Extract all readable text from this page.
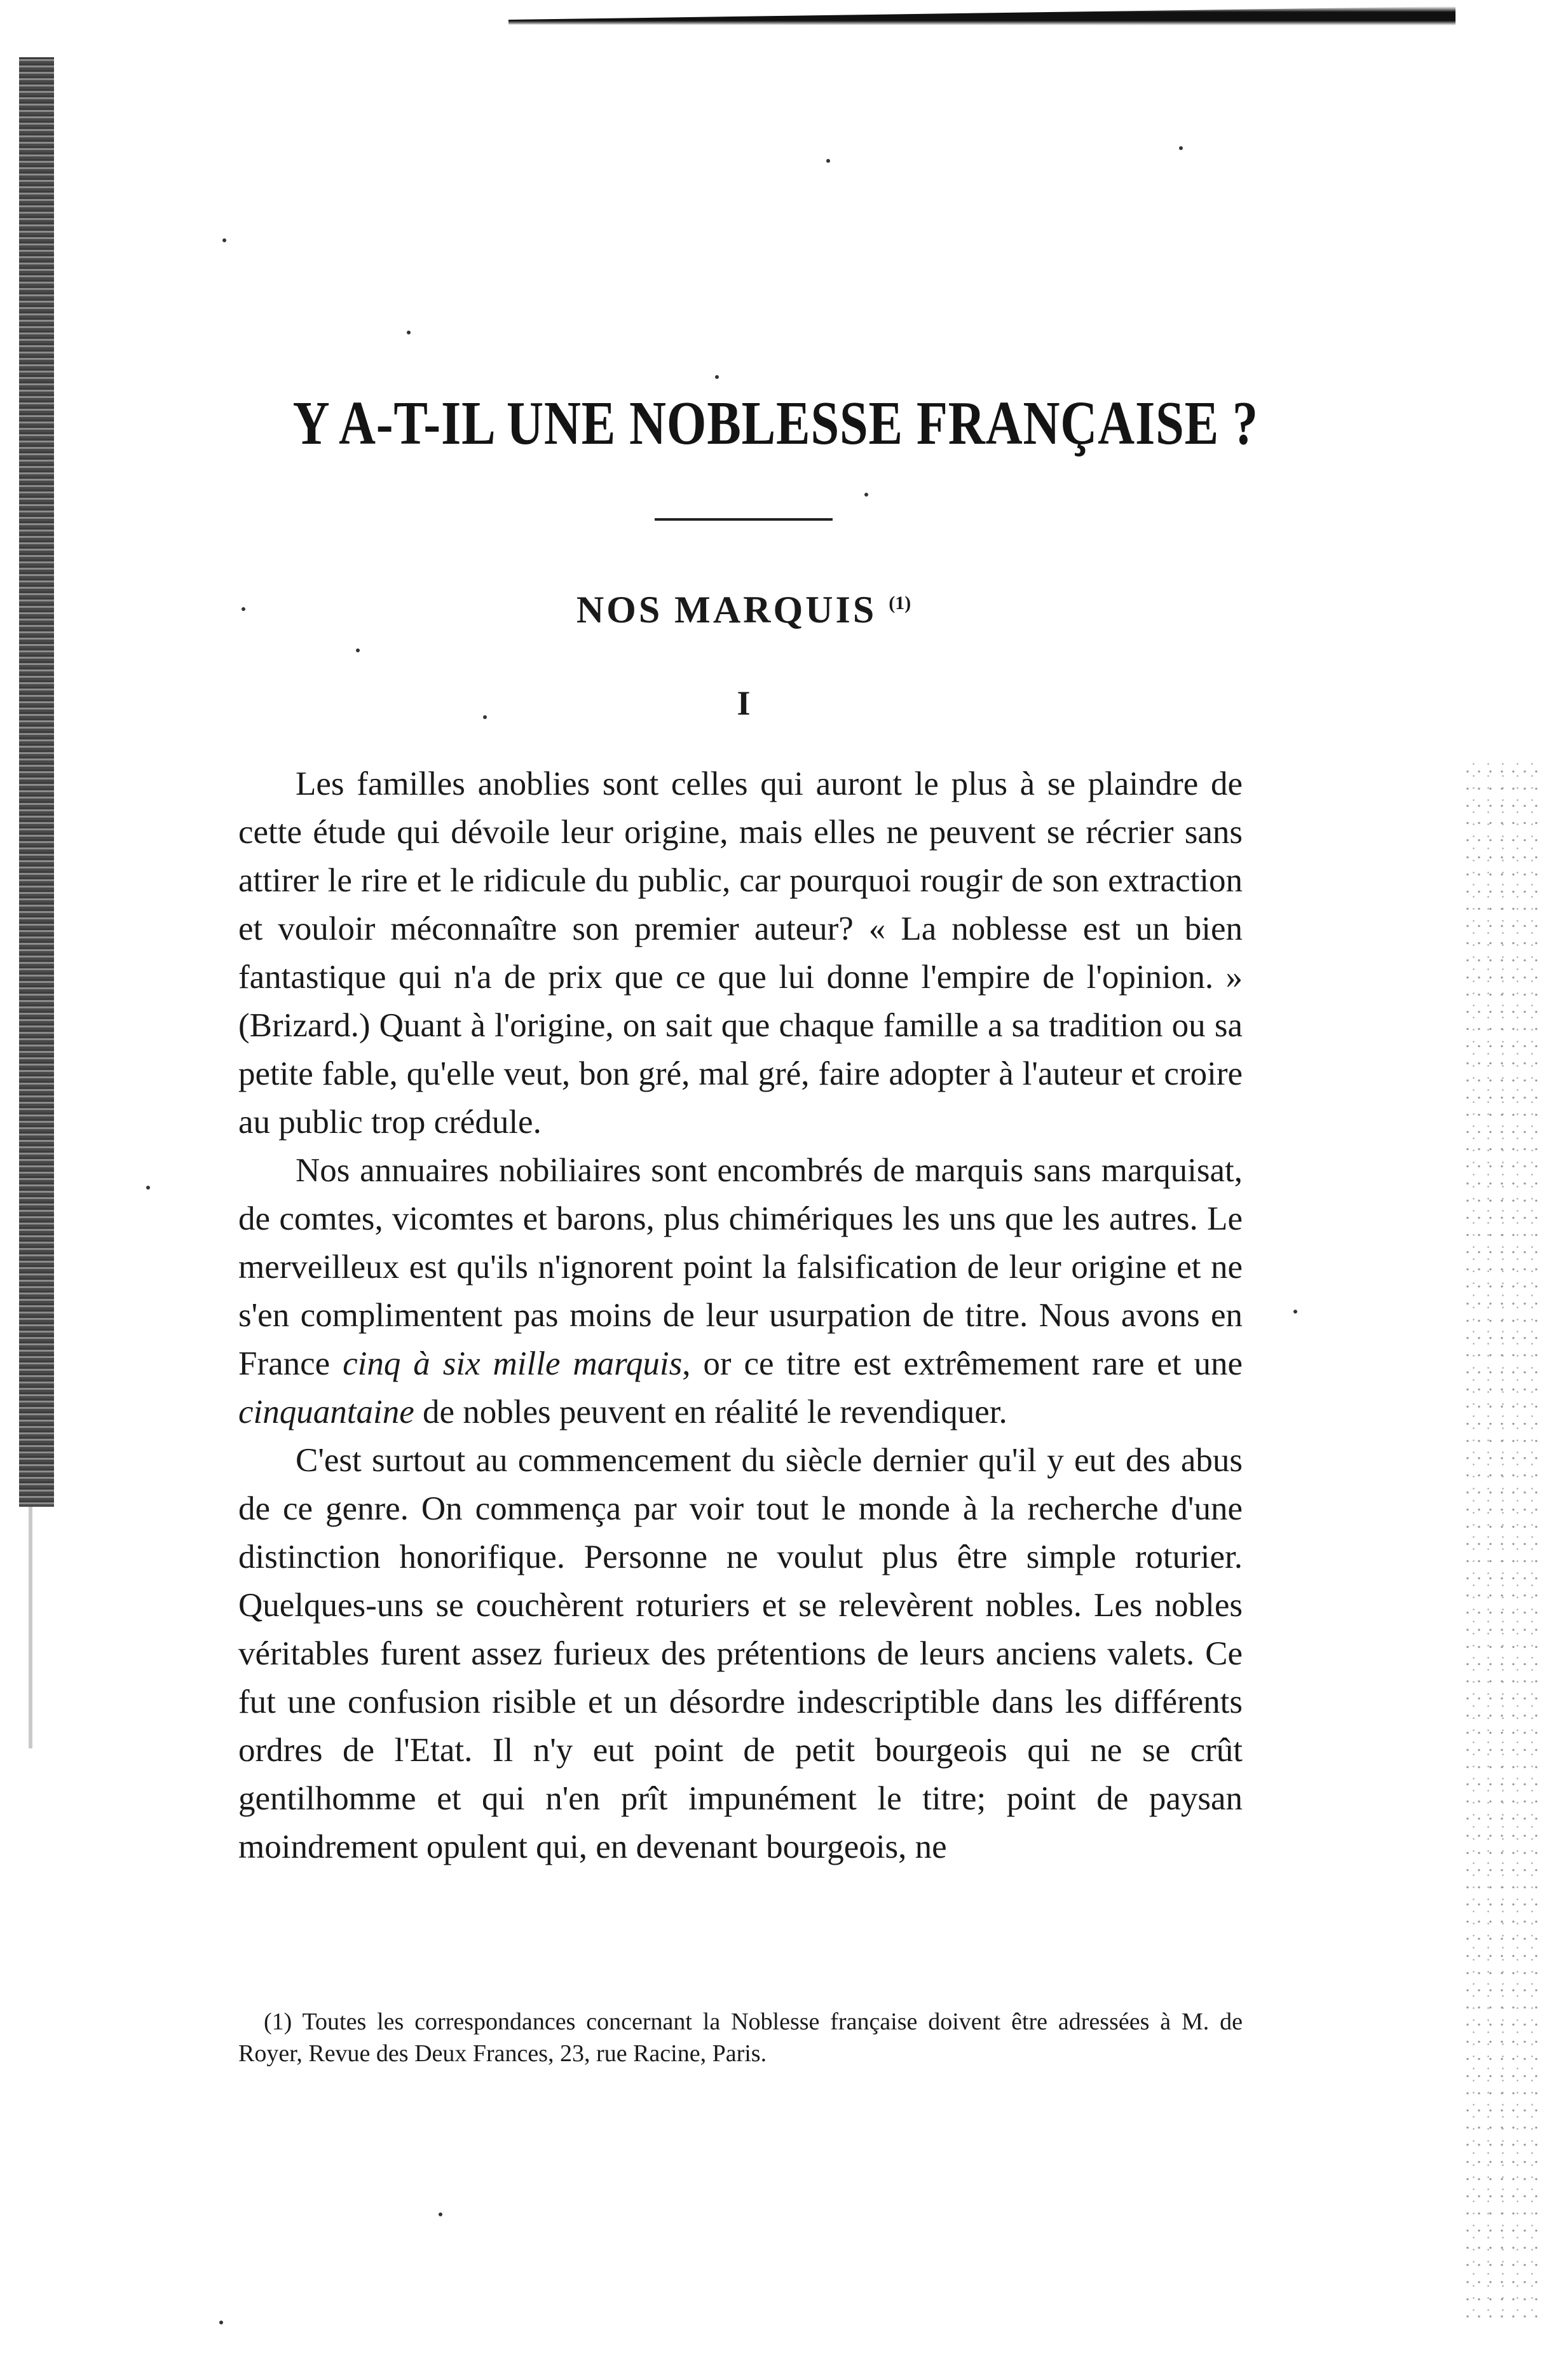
Y A-T-IL UNE NOBLESSE FRANÇAISE ?
NOS MARQUIS $^{(1)}$
I

Les familles anoblies sont celles qui auront le plus à se plaindre de cette étude qui dévoile leur origine, mais elles ne peuvent se récrier sans attirer le rire et le ridicule du public, car pourquoi rougir de son extraction et vouloir méconnaître son premier auteur? « La noblesse est un bien fantastique qui n'a de prix que ce que lui donne l'empire de l'opinion. » (Brizard.) Quant à l'origine, on sait que chaque famille a sa tradition ou sa petite fable, qu'elle veut, bon gré, mal gré, faire adopter à l'auteur et croire au public trop crédule.

Nos annuaires nobiliaires sont encombrés de marquis sans marquisat, de comtes, vicomtes et barons, plus chimériques les uns que les autres. Le merveilleux est qu'ils n'ignorent point la falsification de leur origine et ne s'en complimentent pas moins de leur usurpation de titre. Nous avons en France cinq à six mille marquis, or ce titre est extrêmement rare et une cinquantaine de nobles peuvent en réalité le revendiquer.

C'est surtout au commencement du siècle dernier qu'il y eut des abus de ce genre. On commença par voir tout le monde à la recherche d'une distinction honorifique. Personne ne voulut plus être simple roturier. Quelques-uns se couchèrent roturiers et se relevèrent nobles. Les nobles véritables furent assez furieux des prétentions de leurs anciens valets. Ce fut une confusion risible et un désordre indescriptible dans les différents ordres de l'Etat. Il n'y eut point de petit bourgeois qui ne se crût gentilhomme et qui n'en prît impunément le titre; point de paysan moindrement opulent qui, en devenant bourgeois, ne

(1) Toutes les correspondances concernant la Noblesse française doivent être adressées à M. de Royer, Revue des Deux Frances, 23, rue Racine, Paris.
